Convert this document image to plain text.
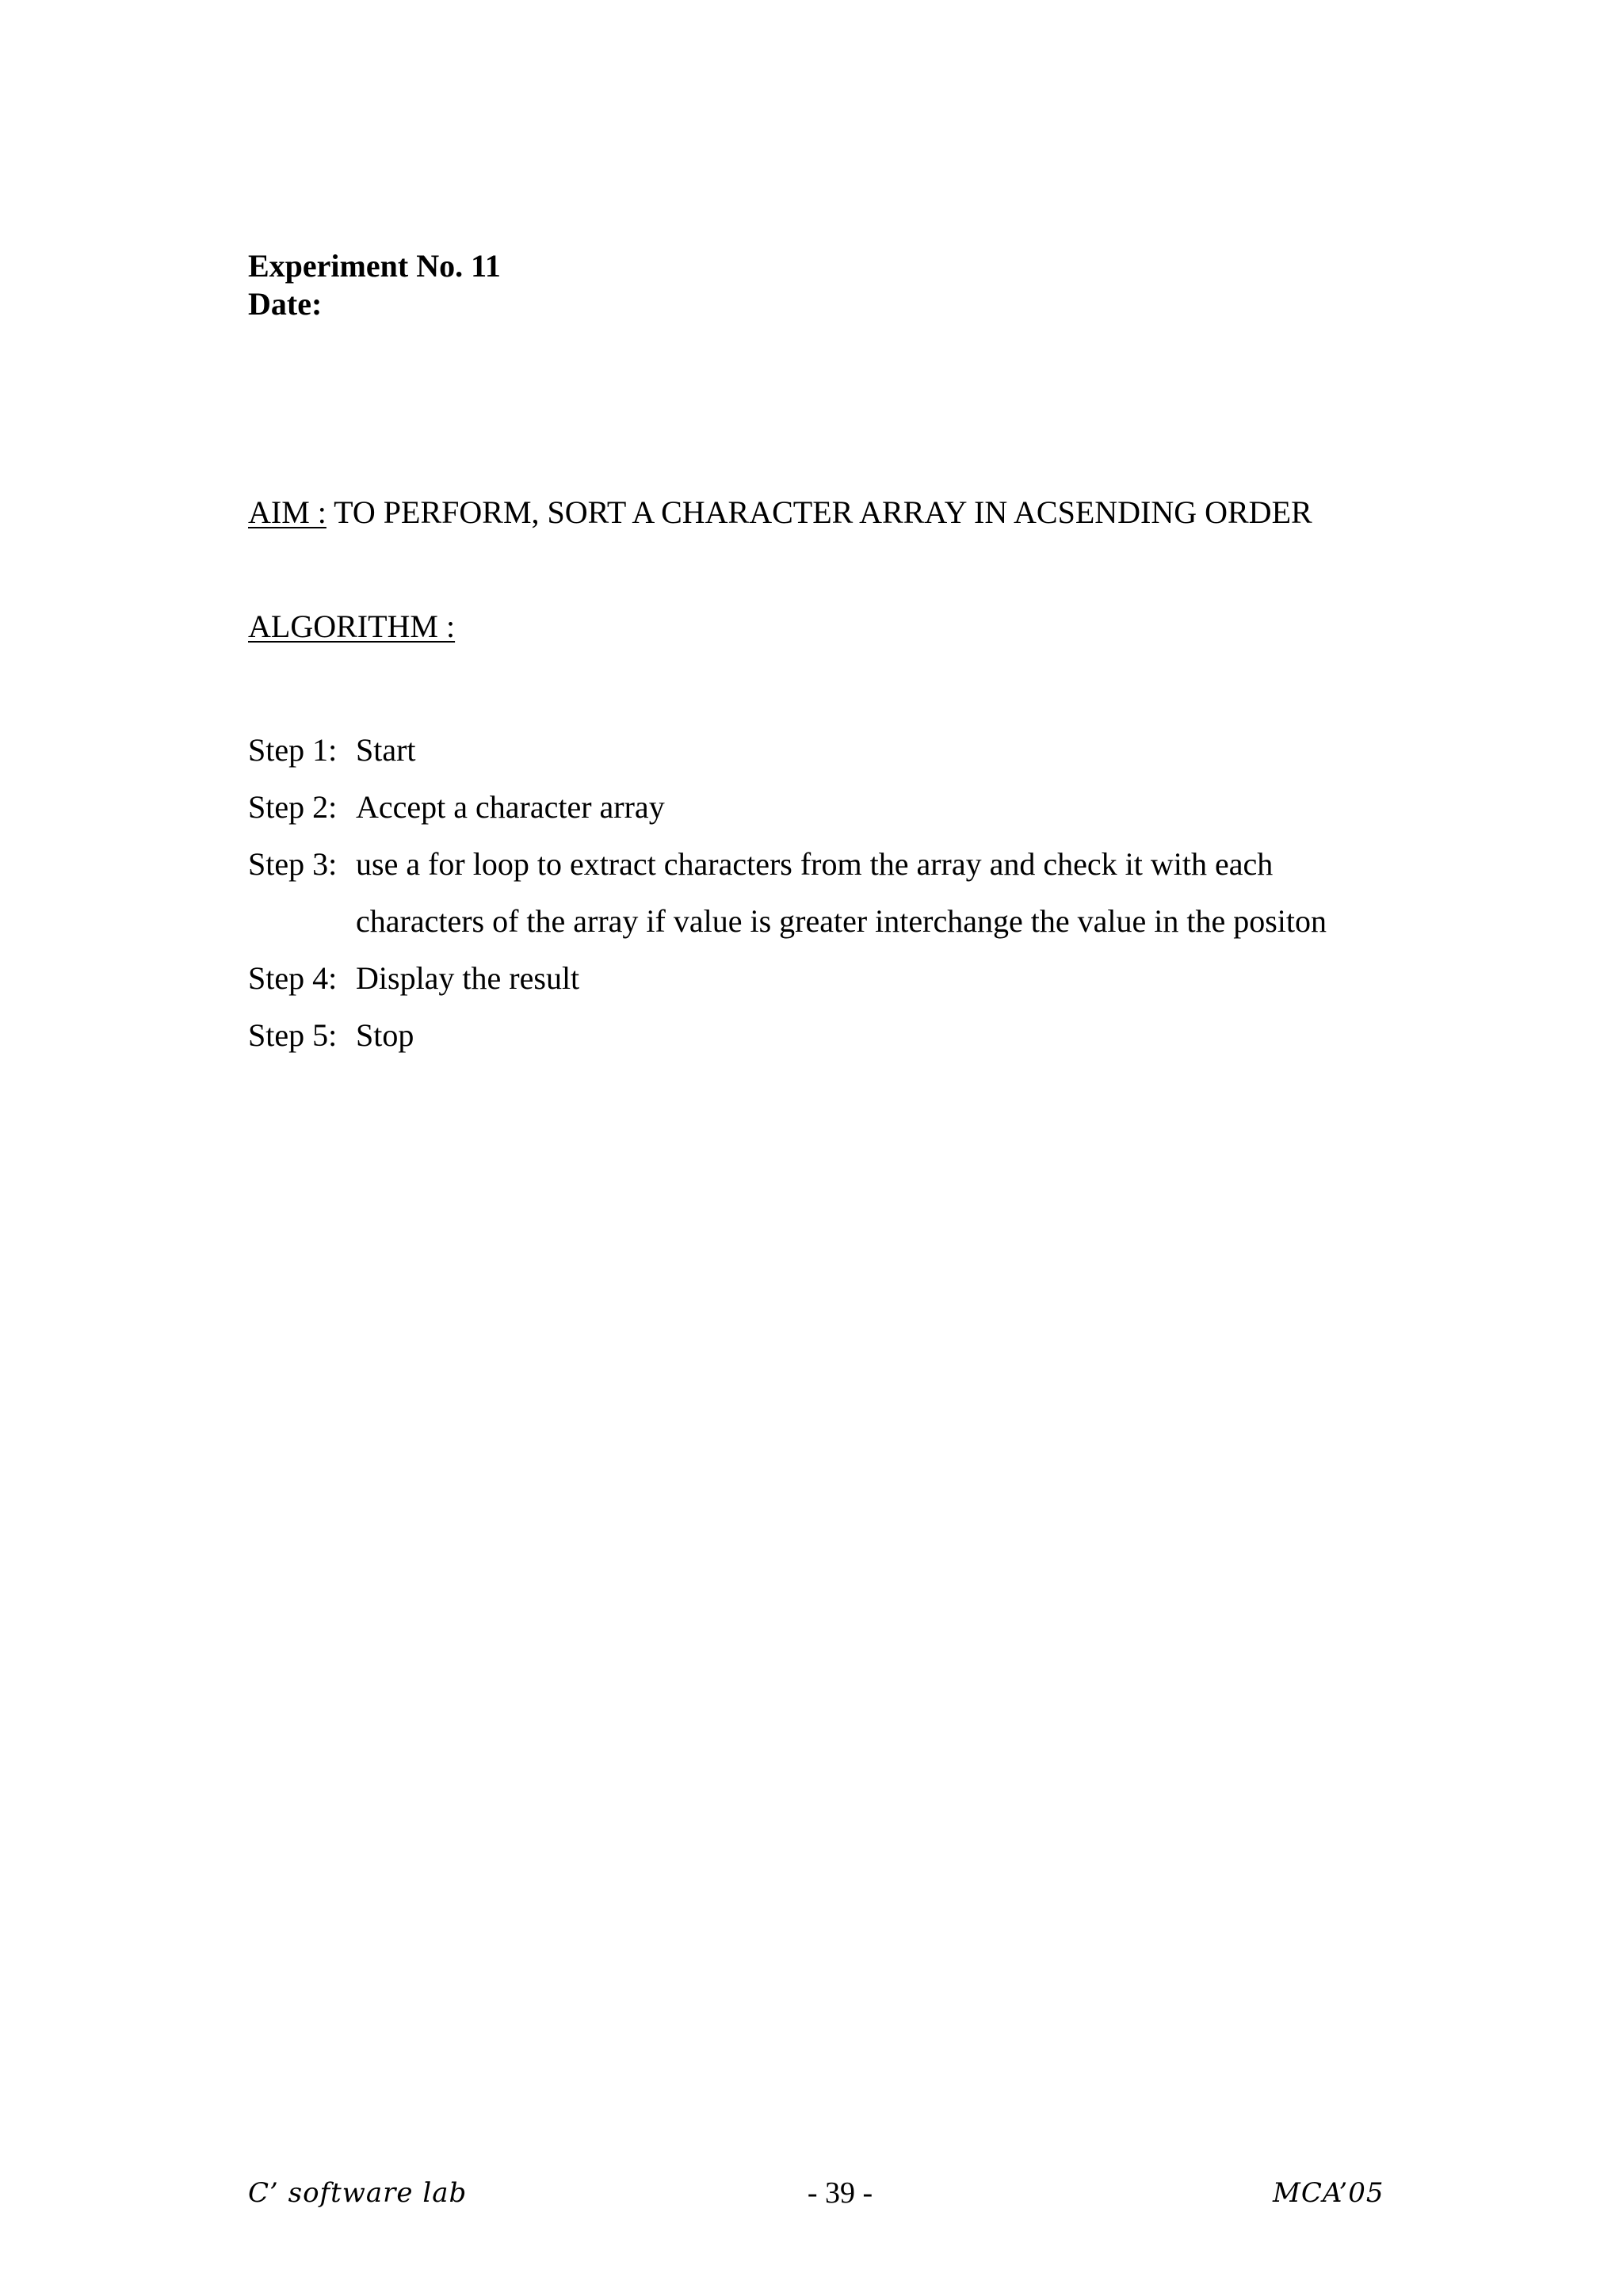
Experiment No. 11
Date:
AIM : TO PERFORM, SORT A CHARACTER ARRAY IN ACSENDING ORDER
ALGORITHM :
Step 1: Start
Step 2: Accept a character array
Step 3: use a for loop to extract characters from the array and check it with each
characters of the array if value is greater interchange the value in the positon
Step 4: Display the result
Step 5: Stop
C’ software lab	- 39 -	MCA’05
